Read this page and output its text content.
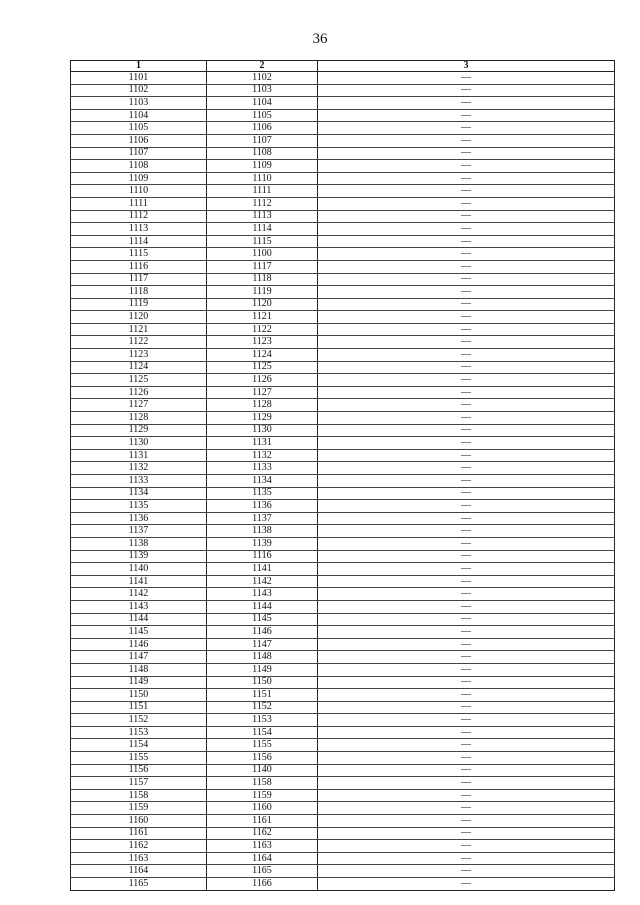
36
1	2	3
1101	1102	—
1102	1103	—
1103	1104	—
1104	1105	—
1105	1106	—
1106	1107	—
1107	1108	—
1108	1109	—
1109	1110	—
1110	1111	—
1111	1112	—
1112	1113	—
1113	1114	—
1114	1115	—
1115	1100	—
1116	1117	—
1117	1118	—
1118	1119	—
1119	1120	—
1120	1121	—
1121	1122	—
1122	1123	—
1123	1124	—
1124	1125	—
1125	1126	—
1126	1127	—
1127	1128	—
1128	1129	—
1129	1130	—
1130	1131	—
1131	1132	—
1132	1133	—
1133	1134	—
1134	1135	—
1135	1136	—
1136	1137	—
1137	1138	—
1138	1139	—
1139	1116	—
1140	1141	—
1141	1142	—
1142	1143	—
1143	1144	—
1144	1145	—
1145	1146	—
1146	1147	—
1147	1148	—
1148	1149	—
1149	1150	—
1150	1151	—
1151	1152	—
1152	1153	—
1153	1154	—
1154	1155	—
1155	1156	—
1156	1140	—
1157	1158	—
1158	1159	—
1159	1160	—
1160	1161	—
1161	1162	—
1162	1163	—
1163	1164	—
1164	1165	—
1165	1166	—
